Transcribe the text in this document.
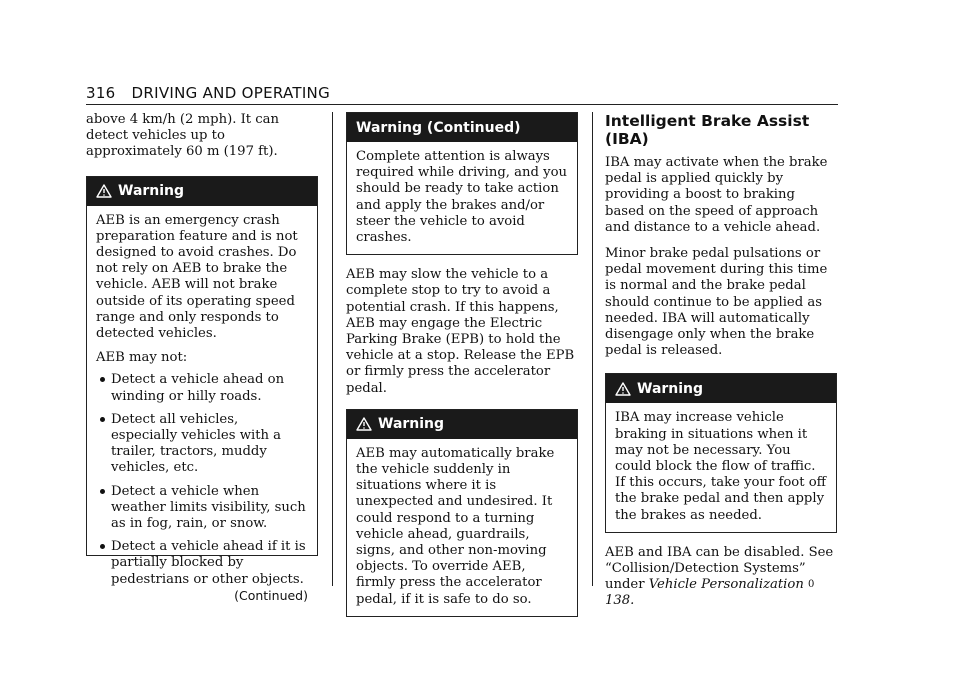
316 DRIVING AND OPERATING

above 4 km/h (2 mph). It can detect vehicles up to approximately 60 m (197 ft).

Warning

AEB is an emergency crash preparation feature and is not designed to avoid crashes. Do not rely on AEB to brake the vehicle. AEB will not brake outside of its operating speed range and only responds to detected vehicles.

AEB may not:

Detect a vehicle ahead on winding or hilly roads.
Detect all vehicles, especially vehicles with a trailer, tractors, muddy vehicles, etc.
Detect a vehicle when weather limits visibility, such as in fog, rain, or snow.
Detect a vehicle ahead if it is partially blocked by pedestrians or other objects.
(Continued)
Warning (Continued)

Complete attention is always required while driving, and you should be ready to take action and apply the brakes and/or steer the vehicle to avoid crashes.

AEB may slow the vehicle to a complete stop to try to avoid a potential crash. If this happens, AEB may engage the Electric Parking Brake (EPB) to hold the vehicle at a stop. Release the EPB or firmly press the accelerator pedal.

Warning

AEB may automatically brake the vehicle suddenly in situations where it is unexpected and undesired. It could respond to a turning vehicle ahead, guardrails, signs, and other non-moving objects. To override AEB, firmly press the accelerator pedal, if it is safe to do so.

Intelligent Brake Assist (IBA)

IBA may activate when the brake pedal is applied quickly by providing a boost to braking based on the speed of approach and distance to a vehicle ahead.

Minor brake pedal pulsations or pedal movement during this time is normal and the brake pedal should continue to be applied as needed. IBA will automatically disengage only when the brake pedal is released.

Warning

IBA may increase vehicle braking in situations when it may not be necessary. You could block the flow of traffic. If this occurs, take your foot off the brake pedal and then apply the brakes as needed.

AEB and IBA can be disabled. See “Collision/Detection Systems” under Vehicle Personalization 0 138.
